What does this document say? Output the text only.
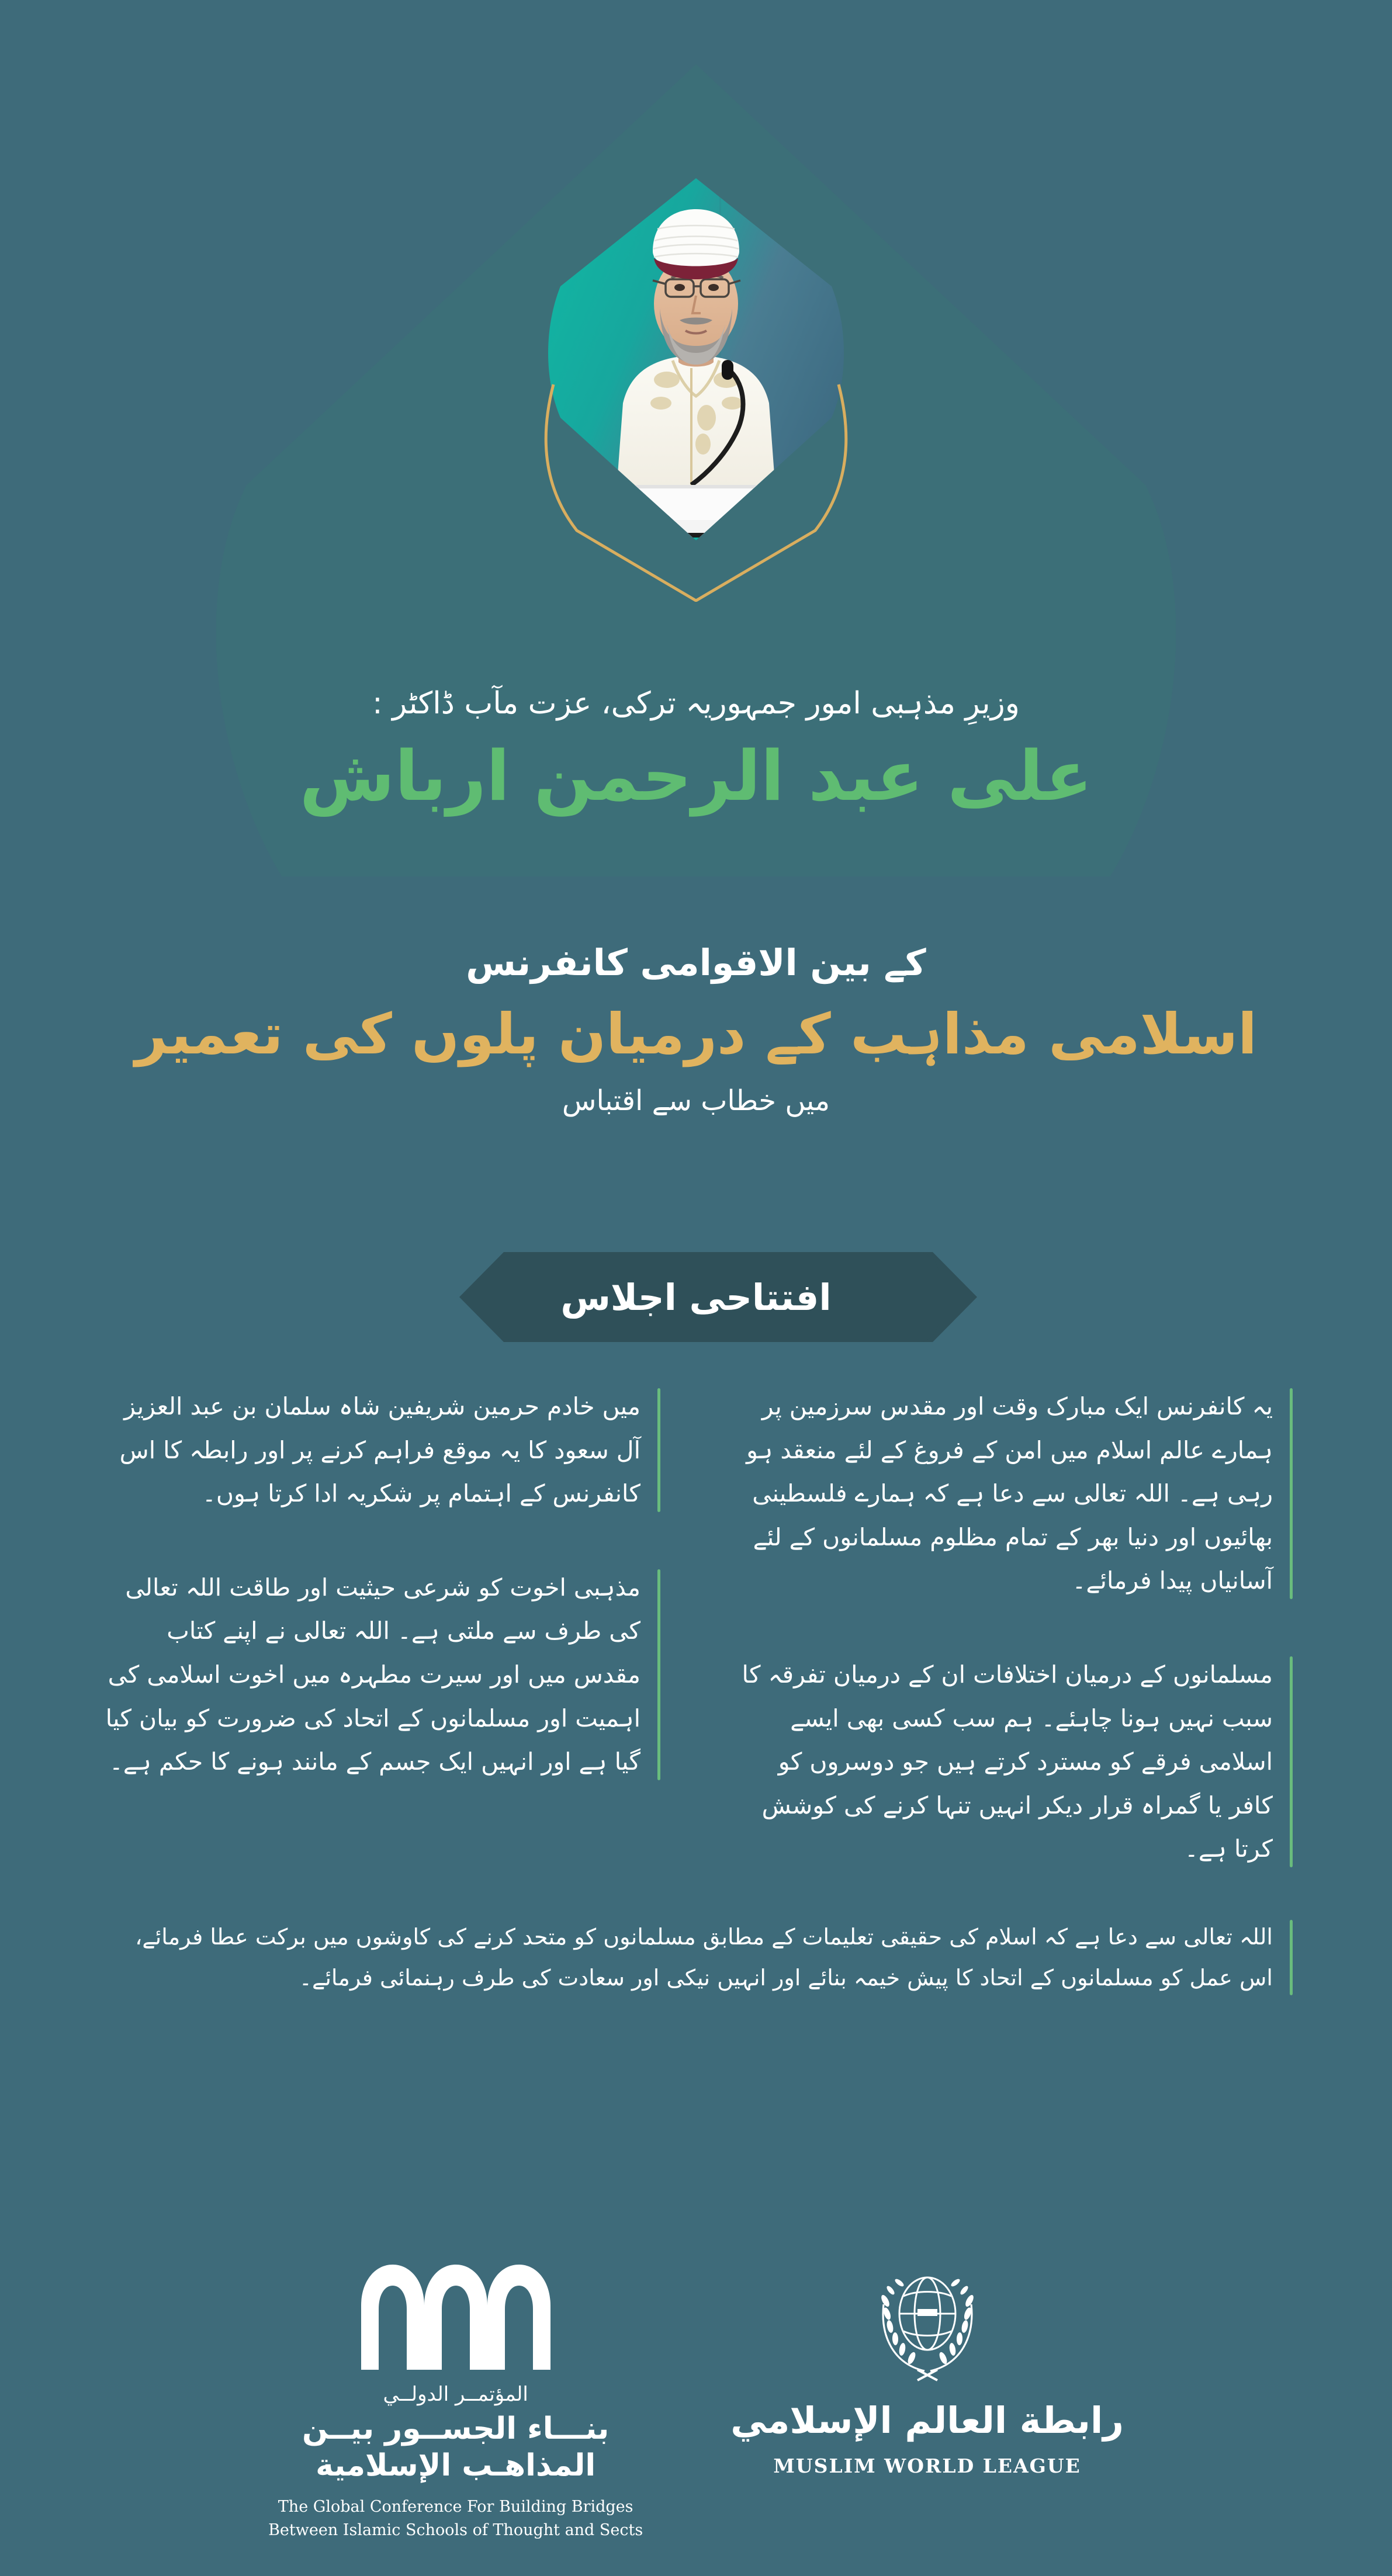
وزیرِ مذہبی امور جمہوریہ ترکی، عزت مآب ڈاکٹر :
علی عبد الرحمن ارباش
کے بین الاقوامی کانفرنس
اسلامی مذاہب کے درمیان پلوں کی تعمیر
میں خطاب سے اقتباس
افتتاحی اجلاس
میں خادم حرمین شریفین شاہ سلمان بن عبد العزیز آل سعود کا یہ موقع فراہم کرنے پر اور رابطہ کا اس کانفرنس کے اہتمام پر شکریہ ادا کرتا ہوں۔
مذہبی اخوت کو شرعی حیثیت اور طاقت اللہ تعالی کی طرف سے ملتی ہے۔ اللہ تعالی نے اپنے کتاب مقدس میں اور سیرت مطہرہ میں اخوت اسلامی کی اہمیت اور مسلمانوں کے اتحاد کی ضرورت کو بیان کیا گیا ہے اور انہیں ایک جسم کے مانند ہونے کا حکم ہے۔
یہ کانفرنس ایک مبارک وقت اور مقدس سرزمین پر ہمارے عالم اسلام میں امن کے فروغ کے لئے منعقد ہو رہی ہے۔ اللہ تعالی سے دعا ہے کہ ہمارے فلسطینی بھائیوں اور دنیا بھر کے تمام مظلوم مسلمانوں کے لئے آسانیاں پیدا فرمائے۔
مسلمانوں کے درمیان اختلافات ان کے درمیان تفرقہ کا سبب نہیں ہونا چاہئے۔ ہم سب کسی بھی ایسے اسلامی فرقے کو مسترد کرتے ہیں جو دوسروں کو کافر یا گمراہ قرار دیکر انہیں تنہا کرنے کی کوشش کرتا ہے۔
اللہ تعالی سے دعا ہے کہ اسلام کی حقیقی تعلیمات کے مطابق مسلمانوں کو متحد کرنے کی کاوشوں میں برکت عطا فرمائے، اس عمل کو مسلمانوں کے اتحاد کا پیش خیمہ بنائے اور انہیں نیکی اور سعادت کی طرف رہنمائی فرمائے۔
رابطة العالم الإسلامي
MUSLIM WORLD LEAGUE
المؤتمــر الدولــي
بنـــاء الجســور بيــن
المذاهـب الإسلامية
The Global Conference For Building Bridges
Between Islamic Schools of Thought and Sects
